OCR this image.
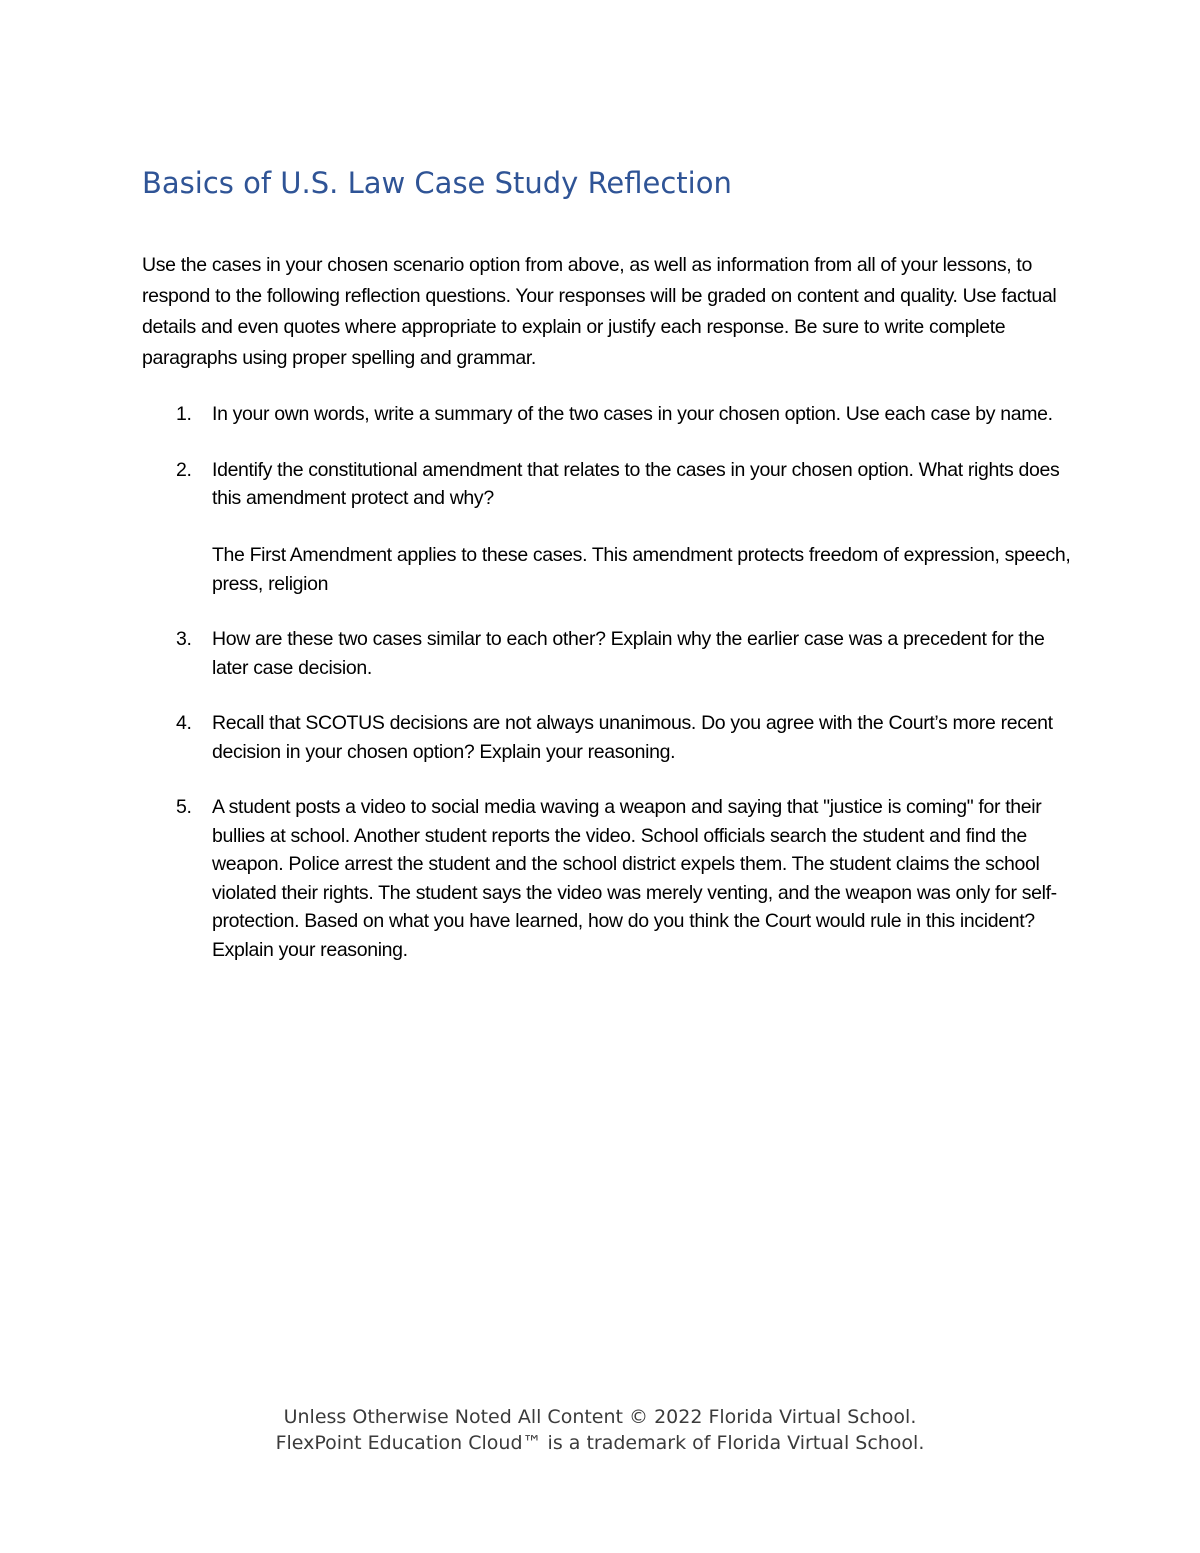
Basics of U.S. Law Case Study Reflection

Use the cases in your chosen scenario option from above, as well as information from all of your lessons, to respond to the following reflection questions. Your responses will be graded on content and quality. Use factual details and even quotes where appropriate to explain or justify each response. Be sure to write complete paragraphs using proper spelling and grammar.

1. In your own words, write a summary of the two cases in your chosen option. Use each case by name.
2. Identify the constitutional amendment that relates to the cases in your chosen option. What rights does this amendment protect and why?
The First Amendment applies to these cases. This amendment protects freedom of expression, speech, press, religion
3. How are these two cases similar to each other? Explain why the earlier case was a precedent for the later case decision.
4. Recall that SCOTUS decisions are not always unanimous. Do you agree with the Court’s more recent decision in your chosen option? Explain your reasoning.
5. A student posts a video to social media waving a weapon and saying that "justice is coming" for their bullies at school. Another student reports the video. School officials search the student and find the weapon. Police arrest the student and the school district expels them. The student claims the school violated their rights. The student says the video was merely venting, and the weapon was only for self-protection. Based on what you have learned, how do you think the Court would rule in this incident? Explain your reasoning.
Unless Otherwise Noted All Content © 2022 Florida Virtual School.
FlexPoint Education Cloud™ is a trademark of Florida Virtual School.
